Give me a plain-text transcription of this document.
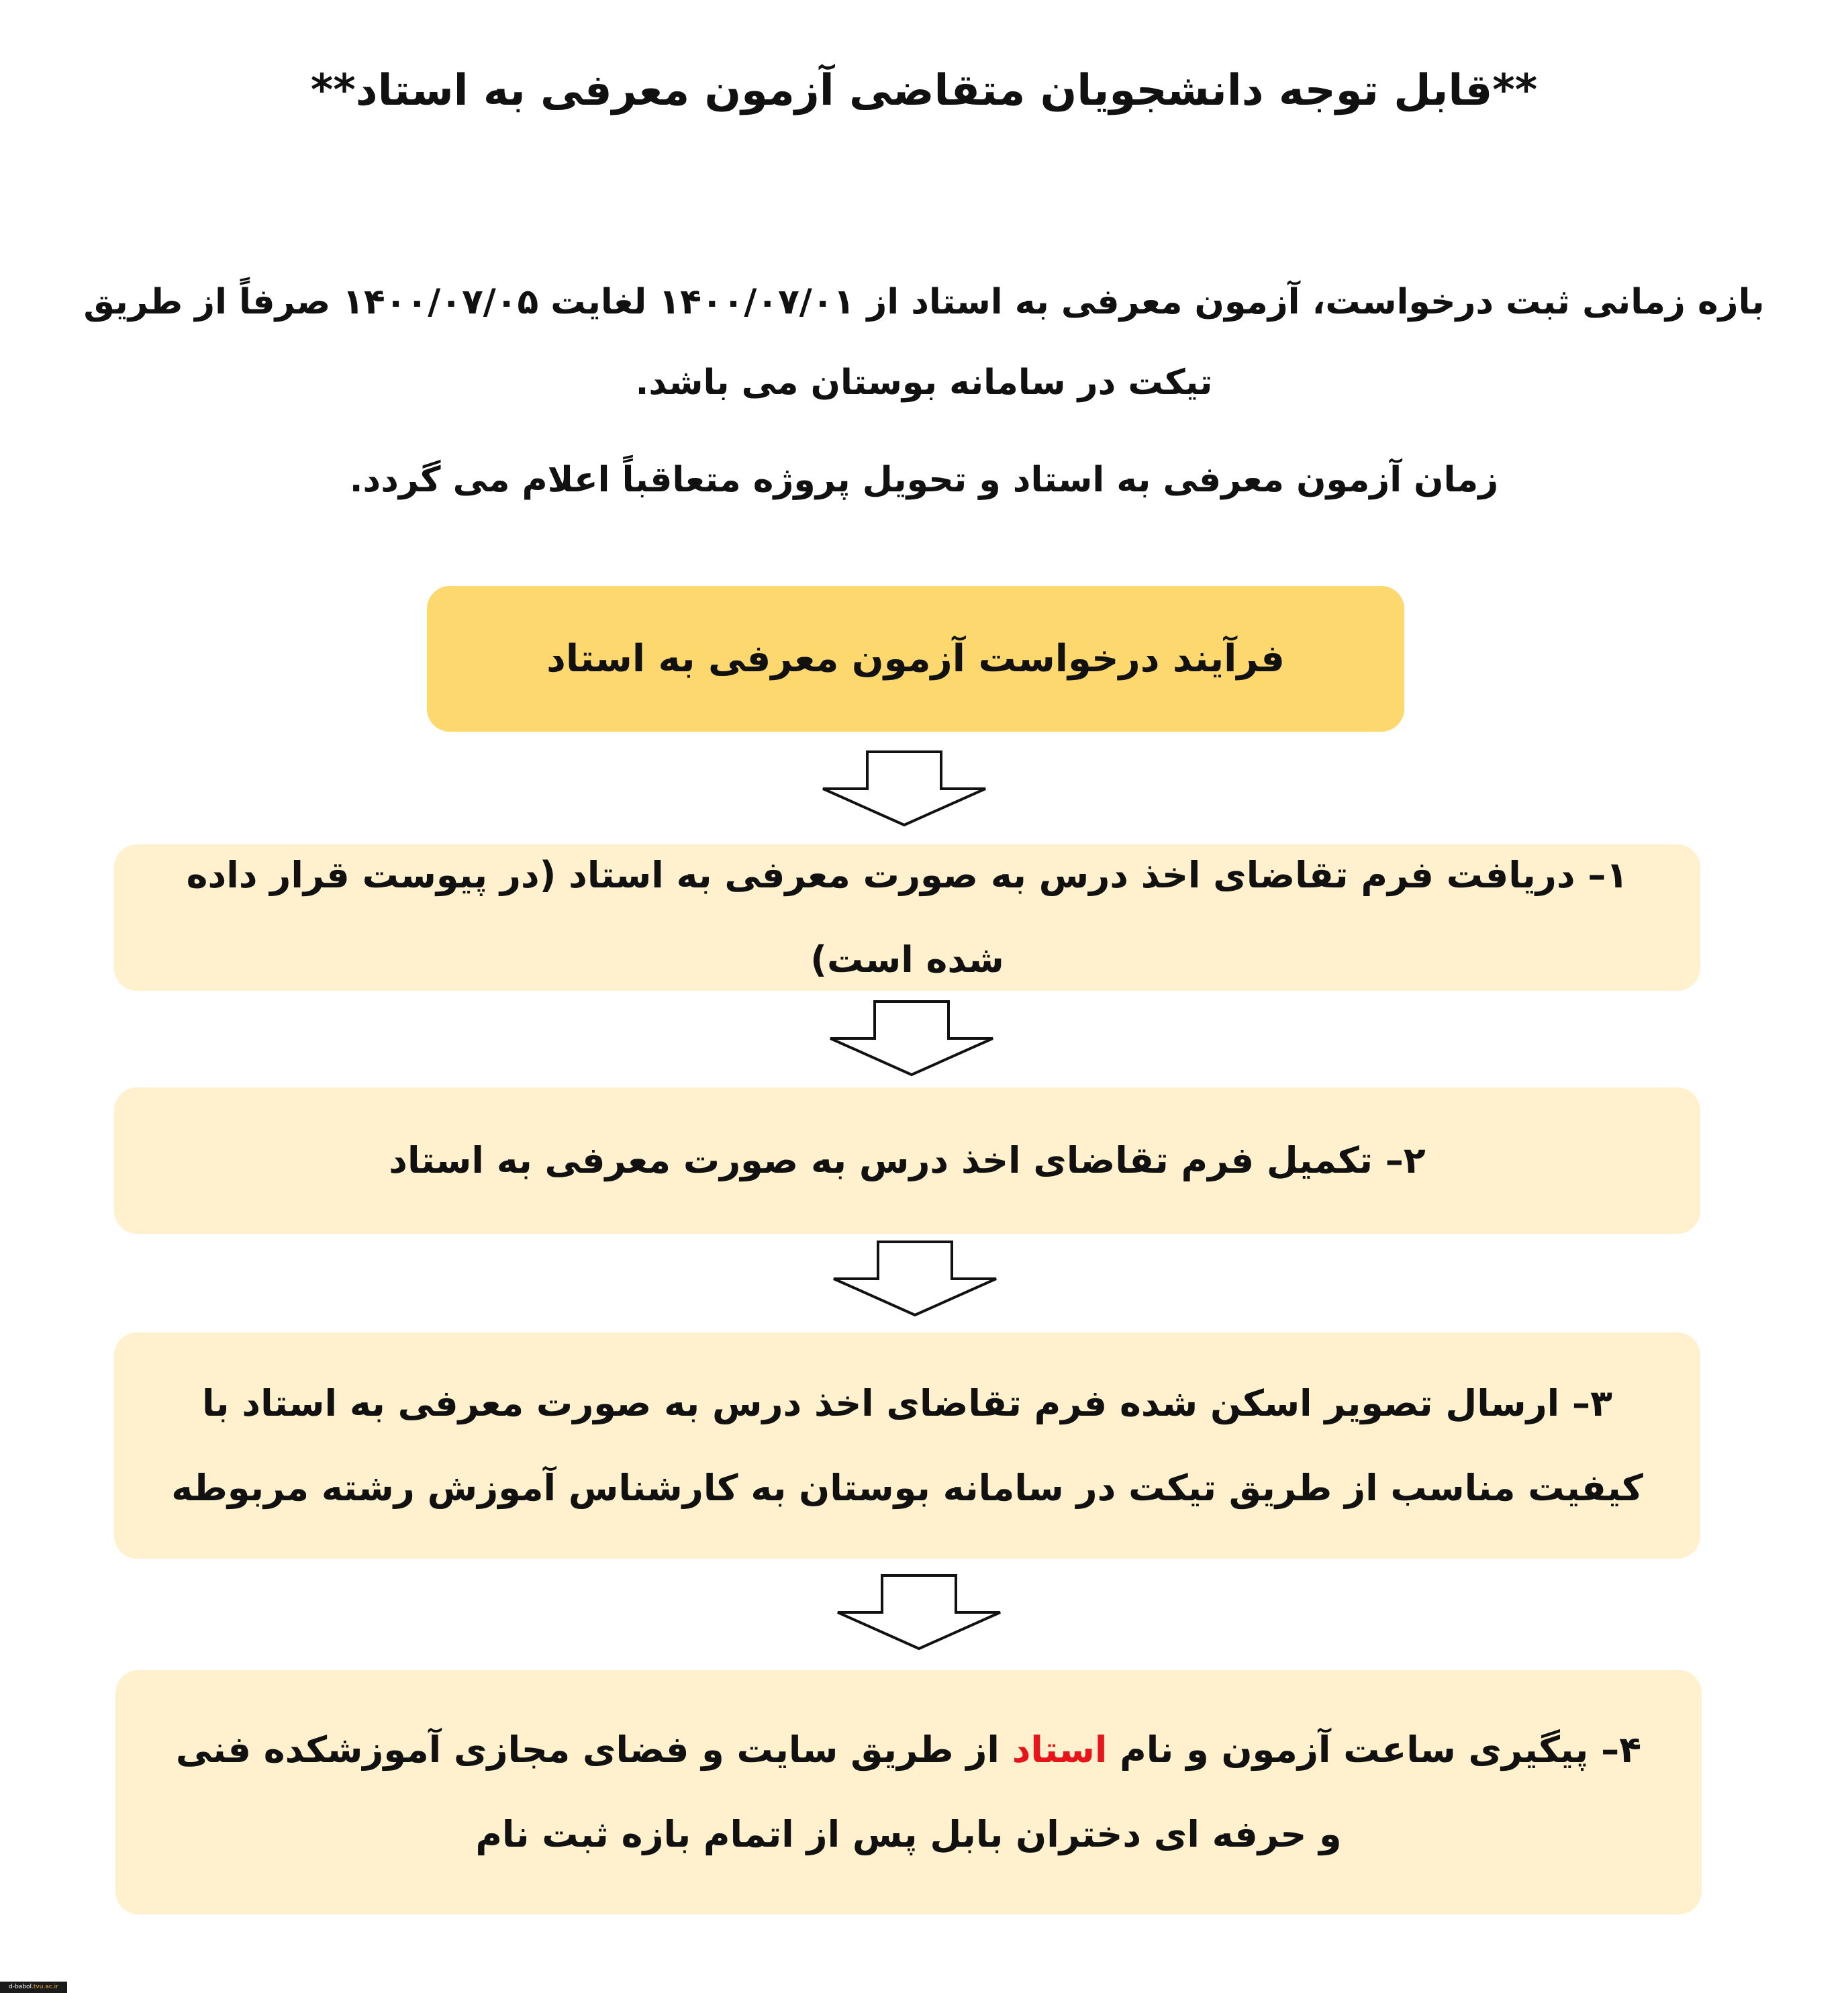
**قابل توجه دانشجویان متقاضی آزمون معرفی به استاد**

بازه زمانی ثبت درخواست، آزمون معرفی به استاد از ۱۴۰۰/۰۷/۰۱ لغایت ۱۴۰۰/۰۷/۰۵ صرفاً از طریق تیکت در سامانه بوستان می باشد.

زمان آزمون معرفی به استاد و تحویل پروژه متعاقباً اعلام می گردد.

فرآیند درخواست آزمون معرفی به استاد
۱– دریافت فرم تقاضای اخذ درس به صورت معرفی به استاد (در پیوست قرار داده شده است)
۲– تکمیل فرم تقاضای اخذ درس به صورت معرفی به استاد
۳– ارسال تصویر اسکن شده فرم تقاضای اخذ درس به صورت معرفی به استاد با کیفیت مناسب از طریق تیکت در سامانه بوستان به کارشناس آموزش رشته مربوطه
۴– پیگیری ساعت آزمون و نام استاد از طریق سایت و فضای مجازی آموزشکده فنی و حرفه ای دختران بابل پس از اتمام بازه ثبت نام
d-babol.tvu.ac.ir
